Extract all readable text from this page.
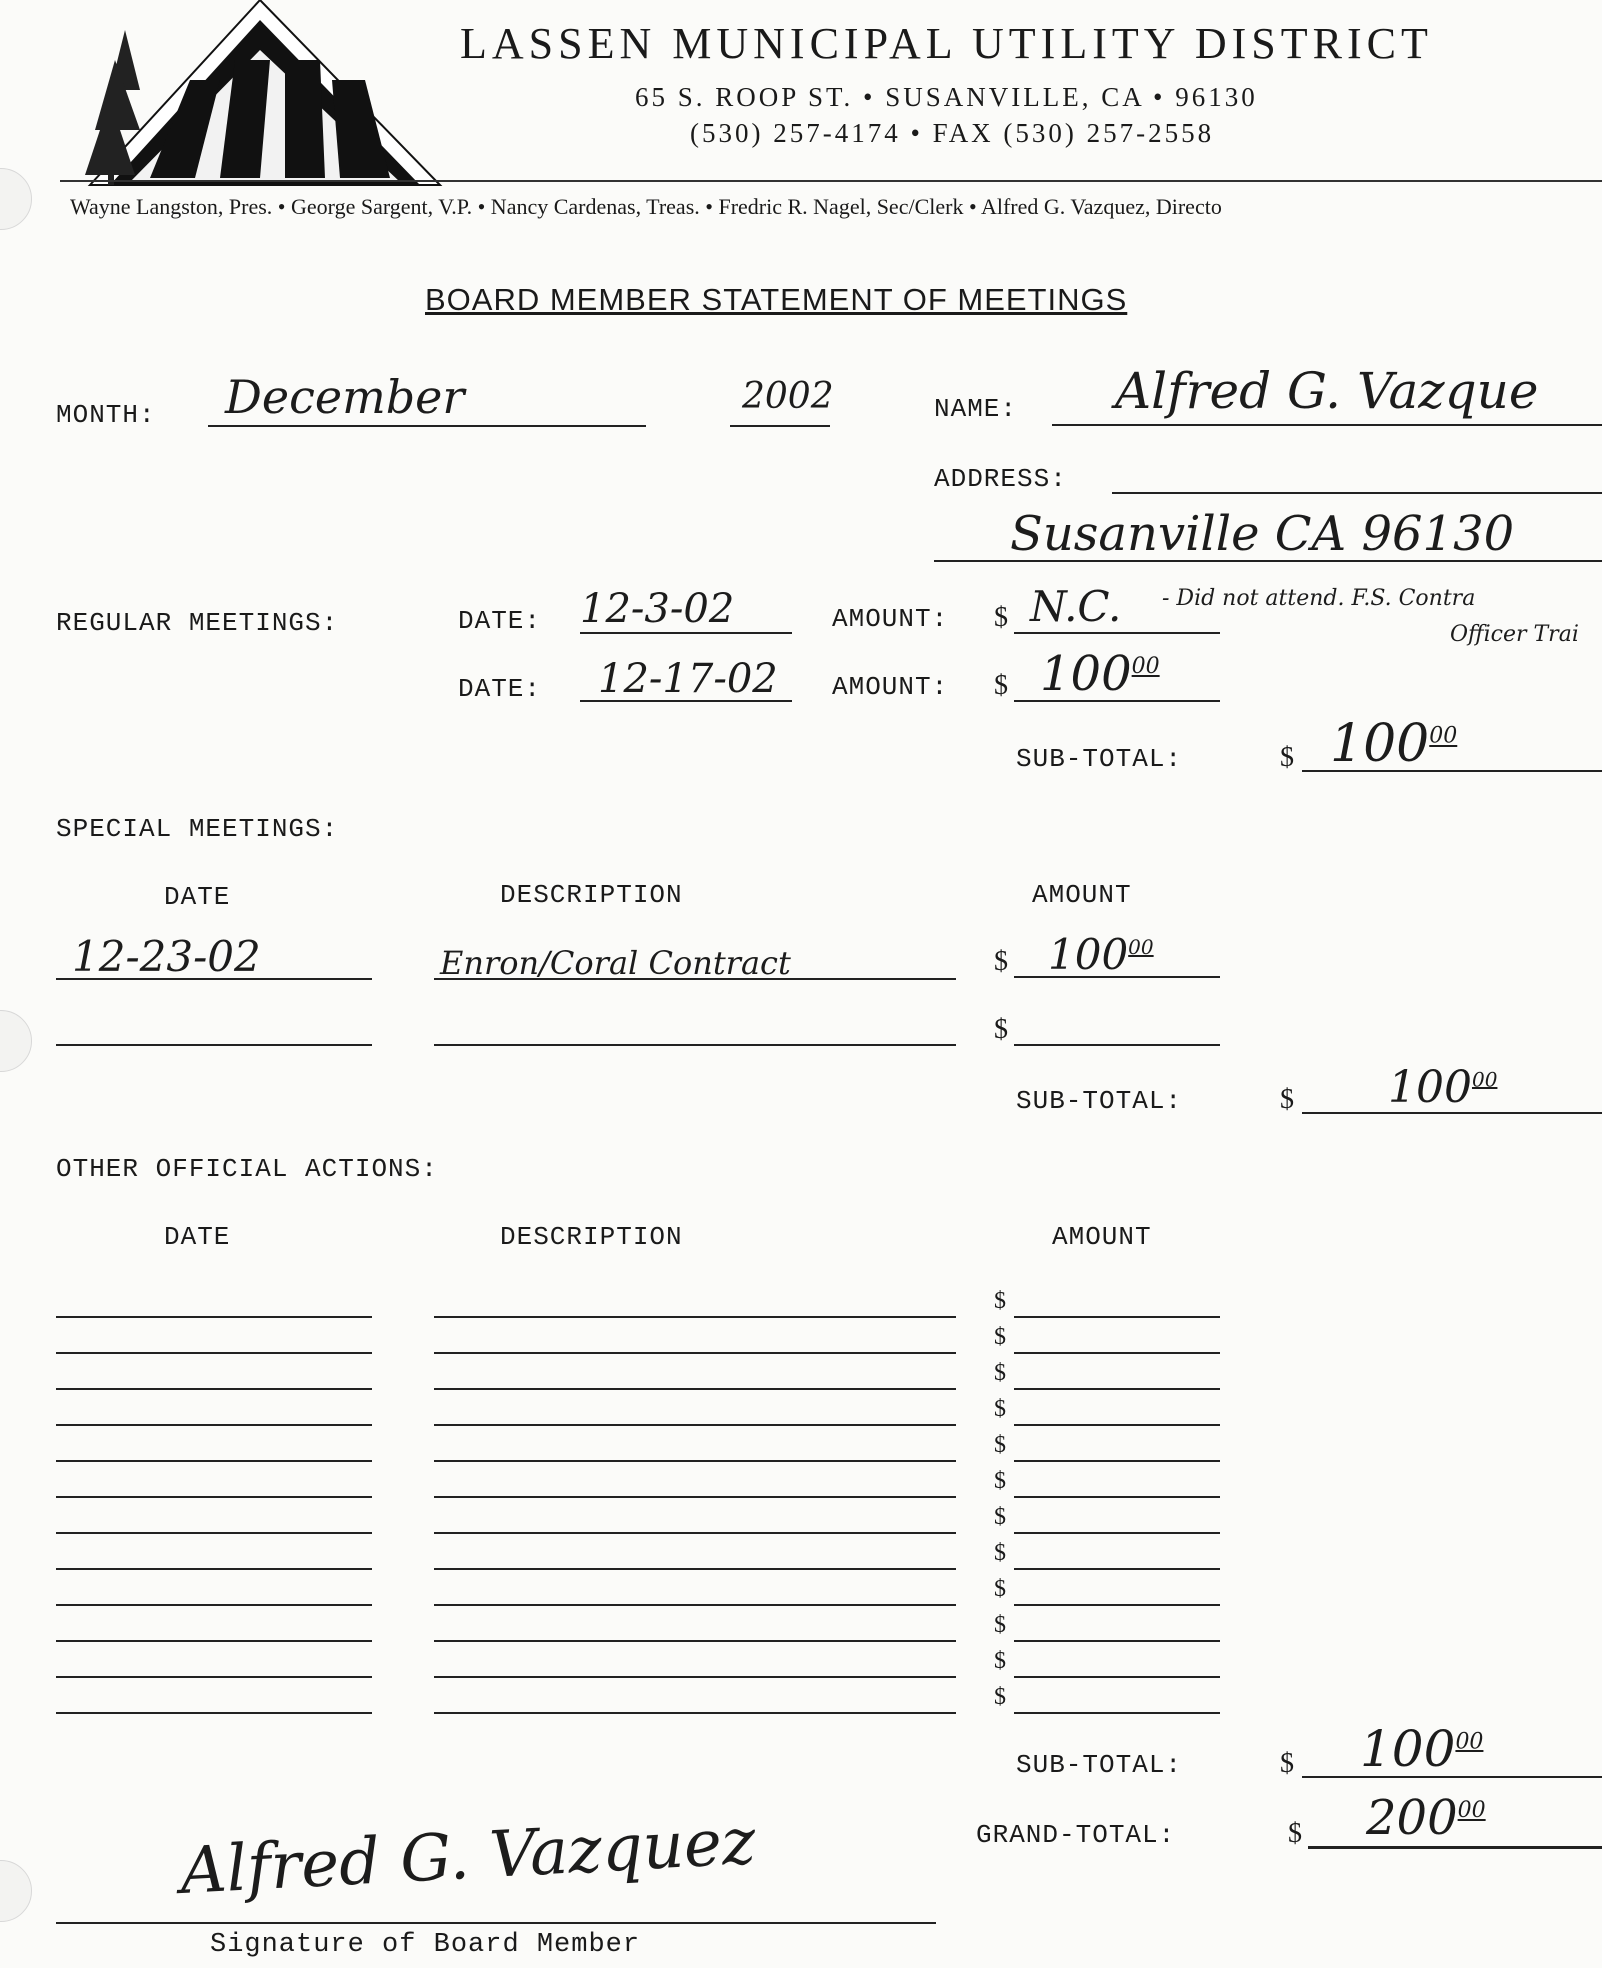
LASSEN MUNICIPAL UTILITY DISTRICT
65 S. ROOP ST. • SUSANVILLE, CA • 96130
(530) 257-4174 • FAX (530) 257-2558
Wayne Langston, Pres. • George Sargent, V.P. • Nancy Cardenas, Treas. • Fredric R. Nagel, Sec/Clerk • Alfred G. Vazquez, Directo
BOARD MEMBER STATEMENT OF MEETINGS
MONTH: December	2002	NAME: Alfred G. Vazque
ADDRESS:
Susanville CA 96130
REGULAR MEETINGS:	DATE: 12-3-02	AMOUNT: $ N.C. - Did not attend. F.S. Contra
Officer Trai
DATE: 12-17-02 AMOUNT: $ $100^{00}$
SUB-TOTAL:	$ $100^{00}$
SPECIAL MEETINGS:
DATE	DESCRIPTION	AMOUNT
12-23-02	Enron/Coral Contract	$ $100^{00}$
$
SUB-TOTAL:	$ $100^{00}$
OTHER OFFICIAL ACTIONS:
DATE	DESCRIPTION	AMOUNT
$
$
$
$
$
$
$
$
$
$
$
$
SUB-TOTAL:	$ $100^{00}$
GRAND-TOTAL:	$ $200^{00}$
Alfred G. Vazquez
Signature of Board Member
